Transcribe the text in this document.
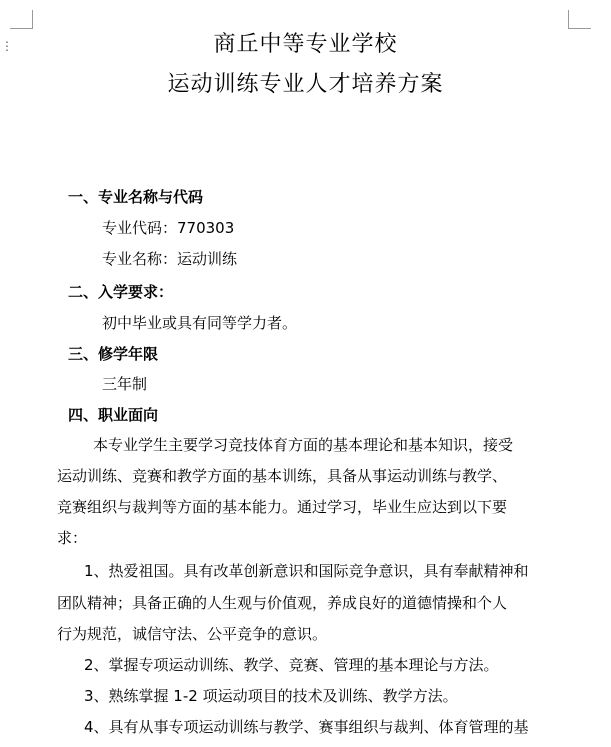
⋮	商丘中等专业学校
运动训练专业人才培养方案

一、专业名称与代码

专业代码：770303

专业名称：运动训练

二、入学要求：

初中毕业或具有同等学力者。

三、修学年限

三年制

四、职业面向

本专业学生主要学习竞技体育方面的基本理论和基本知识，接受

运动训练、竞赛和教学方面的基本训练，具备从事运动训练与教学、

竞赛组织与裁判等方面的基本能力。通过学习，毕业生应达到以下要

求：

1、热爱祖国。具有改革创新意识和国际竞争意识，具有奉献精神和

团队精神；具备正确的人生观与价值观，养成良好的道德情操和个人

行为规范，诚信守法、公平竞争的意识。

2、掌握专项运动训练、教学、竞赛、管理的基本理论与方法。

3、熟练掌握 1-2 项运动项目的技术及训练、教学方法。

4、具有从事专项运动训练与教学、赛事组织与裁判、体育管理的基
